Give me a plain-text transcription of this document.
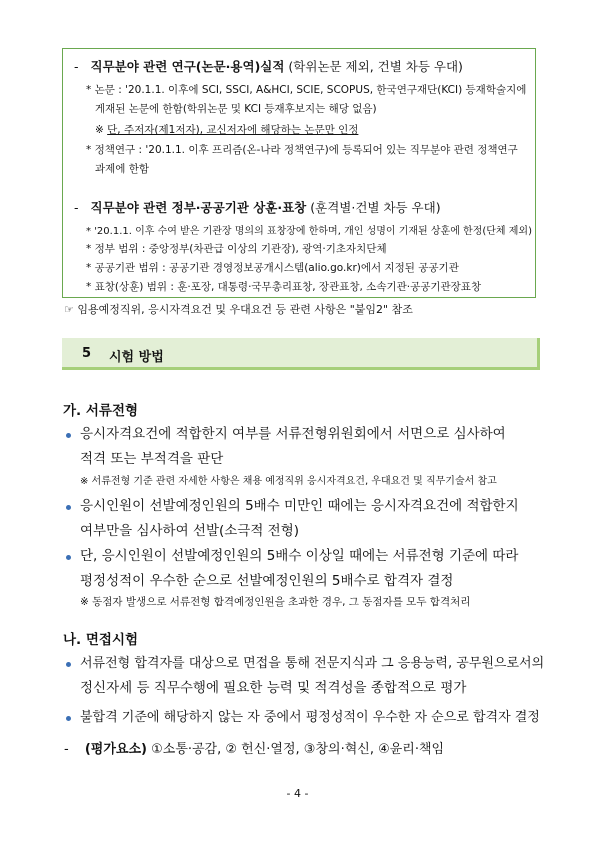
- 직무분야 관련 연구(논문·용역)실적 (학위논문 제외, 건별 차등 우대)
* 논문 : '20.1.1. 이후에 SCI, SSCI, A&HCI, SCIE, SCOPUS, 한국연구재단(KCI) 등재학술지에
게재된 논문에 한함(학위논문 및 KCI 등재후보지는 해당 없음)
※ 단, 주저자(제1저자), 교신저자에 해당하는 논문만 인정
* 정책연구 : '20.1.1. 이후 프리즘(온-나라 정책연구)에 등록되어 있는 직무분야 관련 정책연구
과제에 한함
- 직무분야 관련 정부·공공기관 상훈·표창 (훈격별·건별 차등 우대)
* '20.1.1. 이후 수여 받은 기관장 명의의 표창장에 한하며, 개인 성명이 기재된 상훈에 한정(단체 제외)
* 정부 범위 : 중앙정부(차관급 이상의 기관장), 광역·기초자치단체
* 공공기관 범위 : 공공기관 경영정보공개시스템(alio.go.kr)에서 지정된 공공기관
* 표창(상훈) 범위 : 훈·포장, 대통령·국무총리표창, 장관표창, 소속기관·공공기관장표창
☞ 임용예정직위, 응시자격요건 및 우대요건 등 관련 사항은 "붙임2" 참조
5 시험 방법
가. 서류전형
응시자격요건에 적합한지 여부를 서류전형위원회에서 서면으로 심사하여
적격 또는 부적격을 판단
※ 서류전형 기준 관련 자세한 사항은 채용 예정직위 응시자격요건, 우대요건 및 직무기술서 참고
응시인원이 선발예정인원의 5배수 미만인 때에는 응시자격요건에 적합한지
여부만을 심사하여 선발(소극적 전형)
단, 응시인원이 선발예정인원의 5배수 이상일 때에는 서류전형 기준에 따라
평정성적이 우수한 순으로 선발예정인원의 5배수로 합격자 결정
※ 동점자 발생으로 서류전형 합격예정인원을 초과한 경우, 그 동점자를 모두 합격처리
나. 면접시험
서류전형 합격자를 대상으로 면접을 통해 전문지식과 그 응용능력, 공무원으로서의
정신자세 등 직무수행에 필요한 능력 및 적격성을 종합적으로 평가
불합격 기준에 해당하지 않는 자 중에서 평정성적이 우수한 자 순으로 합격자 결정
- (평가요소) ①소통·공감, ② 헌신·열정, ③창의·혁신, ④윤리·책임
- 4 -
